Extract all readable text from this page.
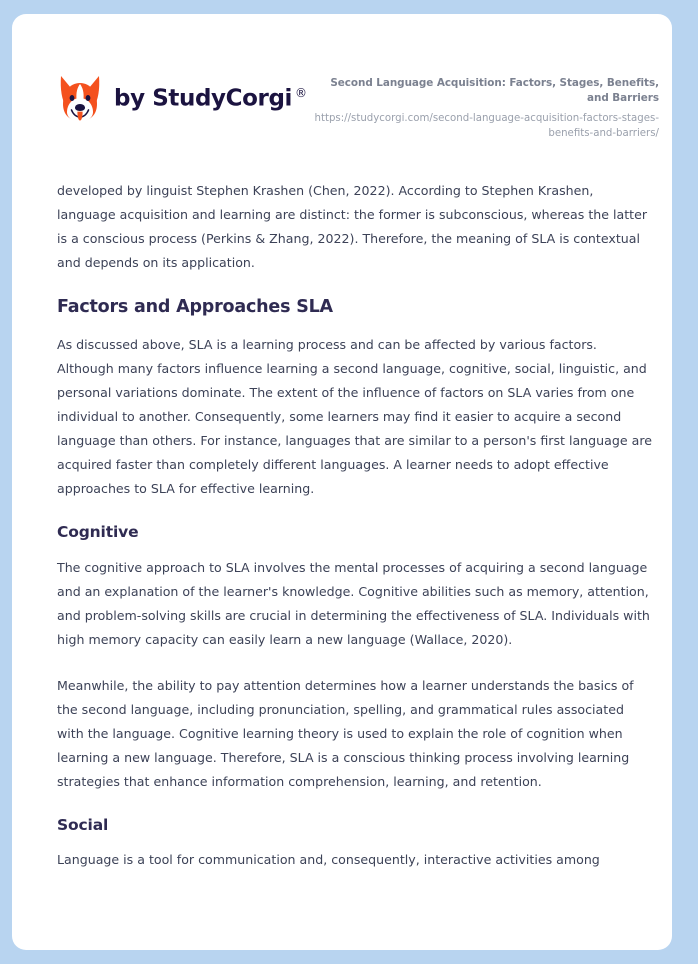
by StudyCorgi ®
Second Language Acquisition: Factors, Stages, Benefits, and Barriers
https://studycorgi.com/second-language-acquisition-factors-stages-benefits-and-barriers/

developed by linguist Stephen Krashen (Chen, 2022). According to Stephen Krashen, language acquisition and learning are distinct: the former is subconscious, whereas the latter is a conscious process (Perkins & Zhang, 2022). Therefore, the meaning of SLA is contextual and depends on its application.

Factors and Approaches SLA

As discussed above, SLA is a learning process and can be affected by various factors. Although many factors influence learning a second language, cognitive, social, linguistic, and personal variations dominate. The extent of the influence of factors on SLA varies from one individual to another. Consequently, some learners may find it easier to acquire a second language than others. For instance, languages that are similar to a person's first language are acquired faster than completely different languages. A learner needs to adopt effective approaches to SLA for effective learning.

Cognitive

The cognitive approach to SLA involves the mental processes of acquiring a second language and an explanation of the learner's knowledge. Cognitive abilities such as memory, attention, and problem-solving skills are crucial in determining the effectiveness of SLA. Individuals with high memory capacity can easily learn a new language (Wallace, 2020).

Meanwhile, the ability to pay attention determines how a learner understands the basics of the second language, including pronunciation, spelling, and grammatical rules associated with the language. Cognitive learning theory is used to explain the role of cognition when learning a new language. Therefore, SLA is a conscious thinking process involving learning strategies that enhance information comprehension, learning, and retention.

Social

Language is a tool for communication and, consequently, interactive activities among
